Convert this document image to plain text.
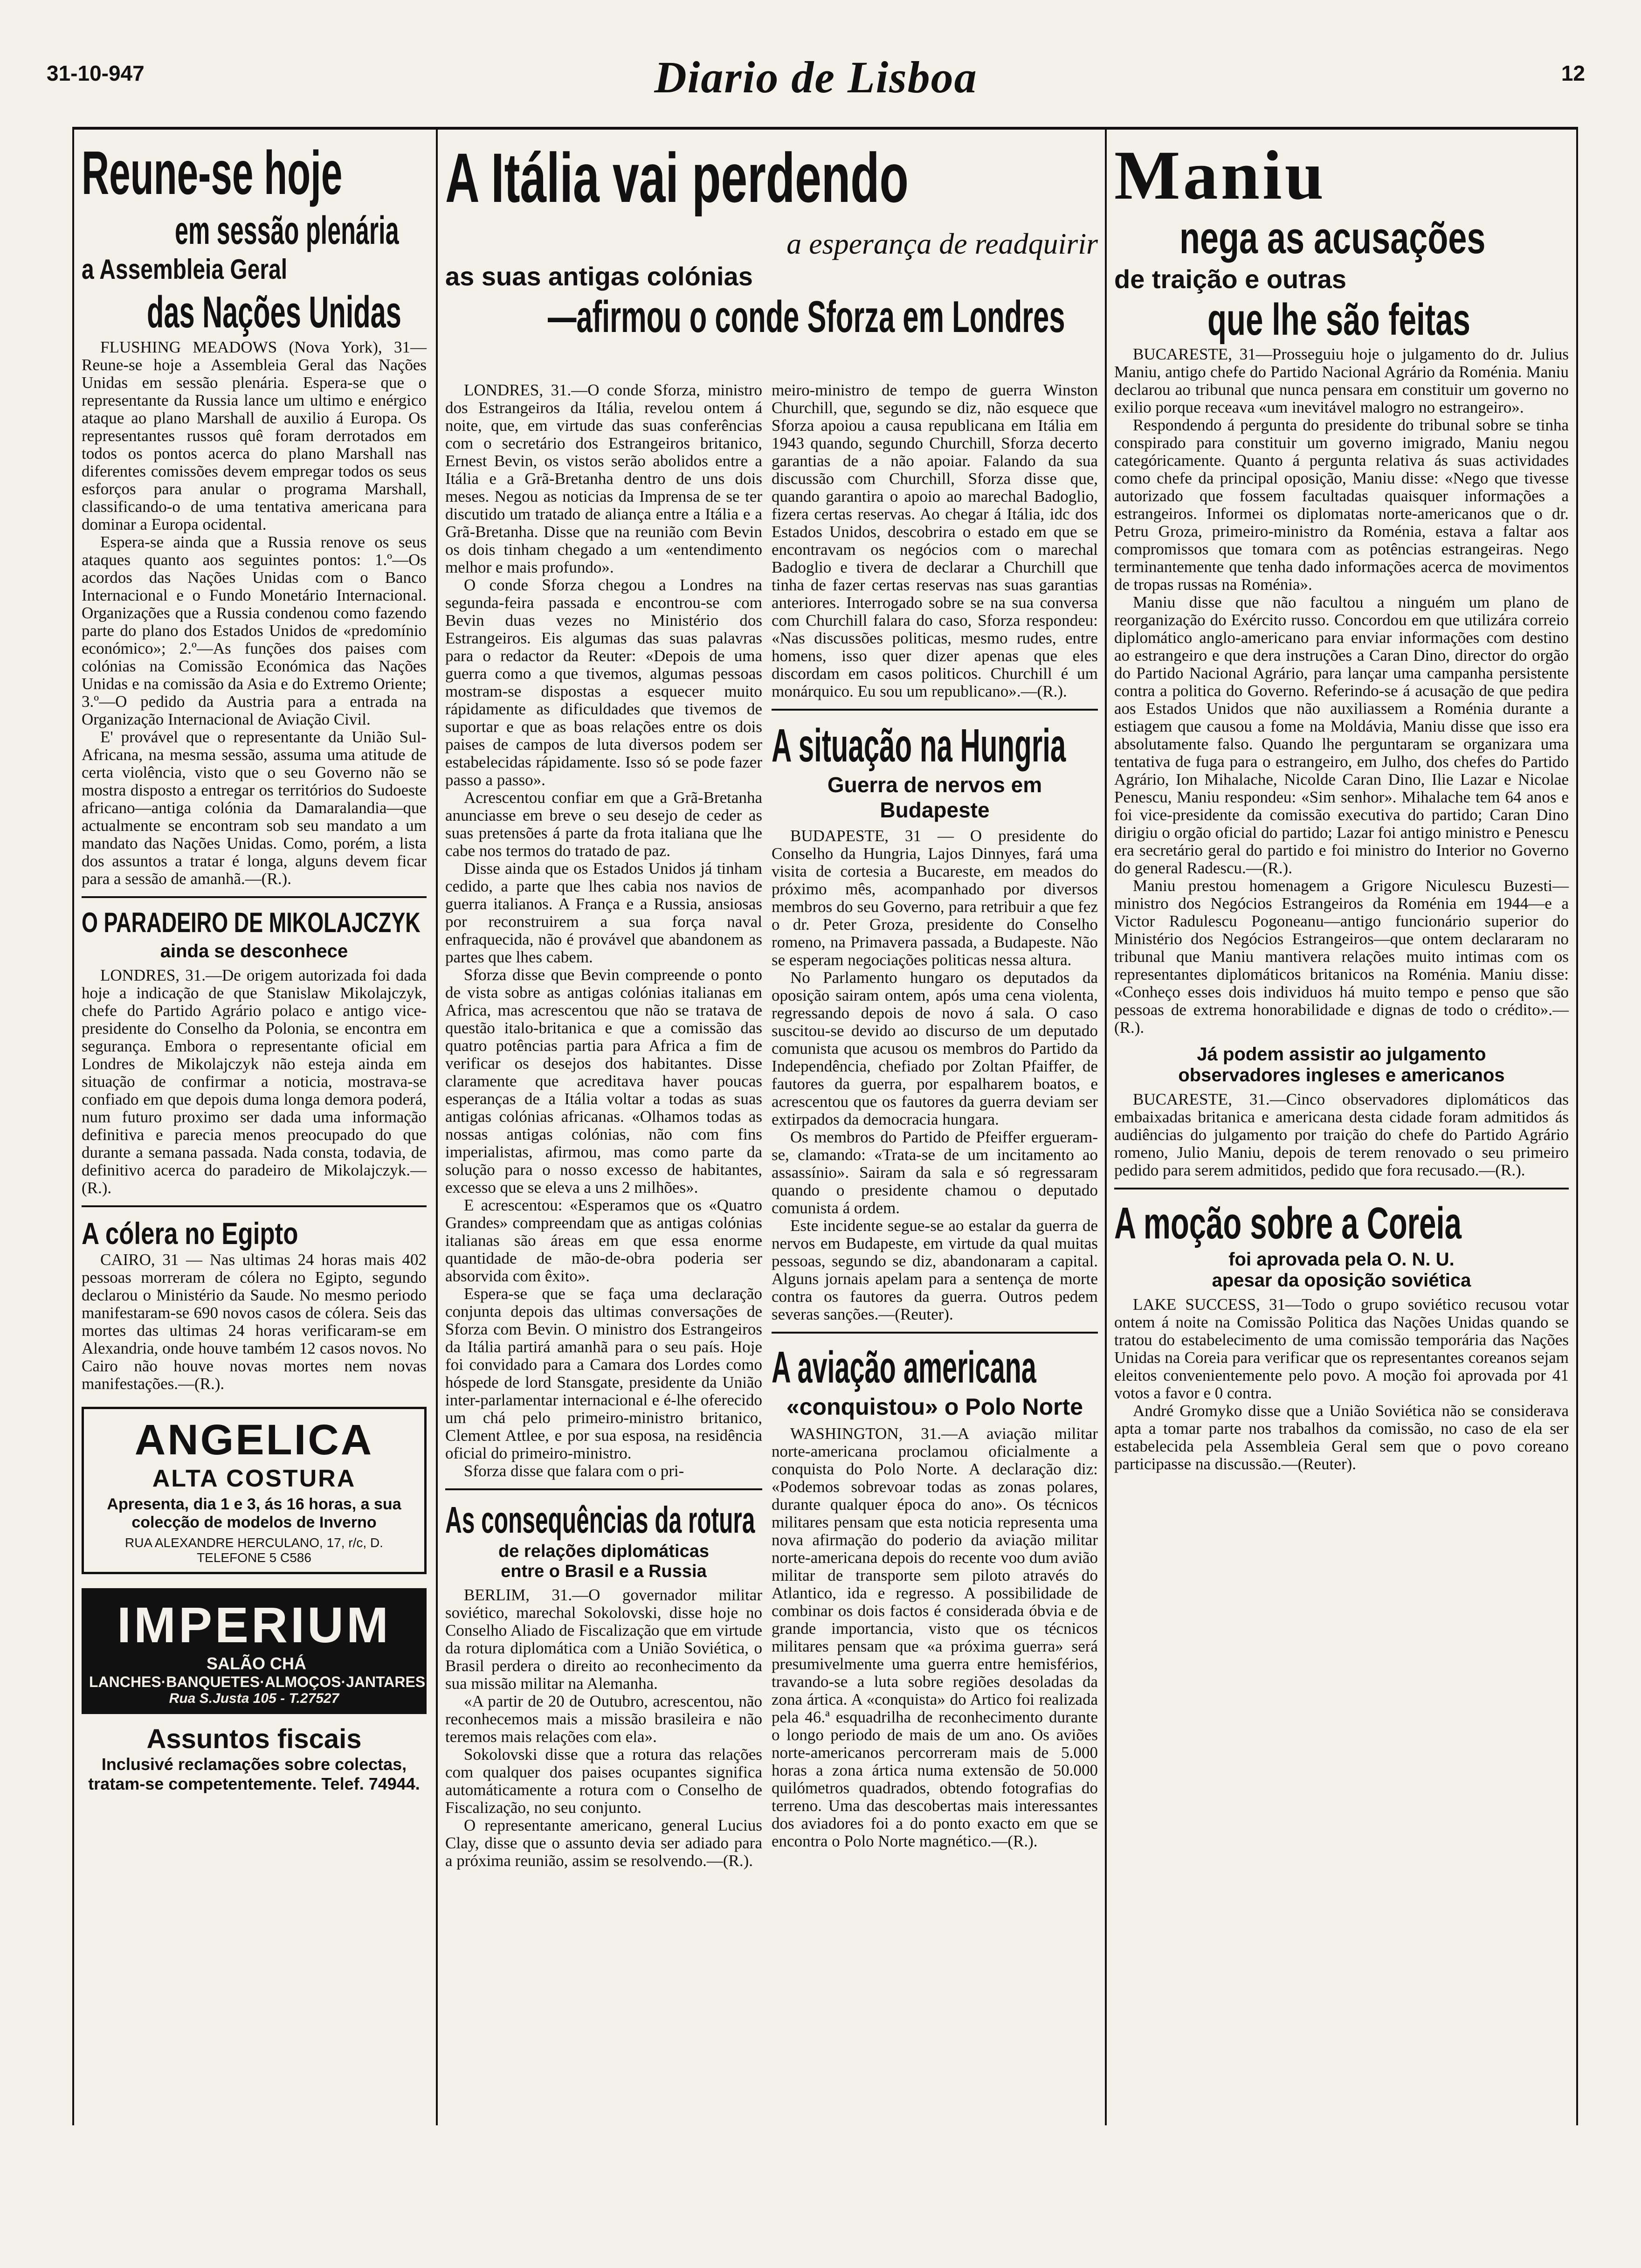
31-10-947	Diario de Lisboa	12
Reune-se hoje
em sessão plenária
a Assembleia Geral
das Nações Unidas

FLUSHING MEADOWS (Nova York), 31—Reune-se hoje a Assembleia Geral das Nações Unidas em sessão plenária. Espera-se que o representante da Russia lance um ultimo e enérgico ataque ao plano Marshall de auxilio á Europa. Os representantes russos quê foram derrotados em todos os pontos acerca do plano Marshall nas diferentes comissões devem empregar todos os seus esforços para anular o programa Marshall, classificando-o de uma tentativa americana para dominar a Europa ocidental.

Espera-se ainda que a Russia renove os seus ataques quanto aos seguintes pontos: 1.º—Os acordos das Nações Unidas com o Banco Internacional e o Fundo Monetário Internacional. Organizações que a Russia condenou como fazendo parte do plano dos Estados Unidos de «predomínio económico»; 2.º—As funções dos paises com colónias na Comissão Económica das Nações Unidas e na comissão da Asia e do Extremo Oriente; 3.º—O pedido da Austria para a entrada na Organização Internacional de Aviação Civil.

E' provável que o representante da União Sul-Africana, na mesma sessão, assuma uma atitude de certa violência, visto que o seu Governo não se mostra disposto a entregar os territórios do Sudoeste africano—antiga colónia da Damaralandia—que actualmente se encontram sob seu mandato a um mandato das Nações Unidas. Como, porém, a lista dos assuntos a tratar é longa, alguns devem ficar para a sessão de amanhã.—(R.).

O PARADEIRO DE MIKOLAJCZYK
ainda se desconhece

LONDRES, 31.—De origem autorizada foi dada hoje a indicação de que Stanislaw Mikolajczyk, chefe do Partido Agrário polaco e antigo vice-presidente do Conselho da Polonia, se encontra em segurança. Embora o representante oficial em Londres de Mikolajczyk não esteja ainda em situação de confirmar a noticia, mostrava-se confiado em que depois duma longa demora poderá, num futuro proximo ser dada uma informação definitiva e parecia menos preocupado do que durante a semana passada. Nada consta, todavia, de definitivo acerca do paradeiro de Mikolajczyk.—(R.).

A cólera no Egipto

CAIRO, 31 — Nas ultimas 24 horas mais 402 pessoas morreram de cólera no Egipto, segundo declarou o Ministério da Saude. No mesmo periodo manifestaram-se 690 novos casos de cólera. Seis das mortes das ultimas 24 horas verificaram-se em Alexandria, onde houve também 12 casos novos. No Cairo não houve novas mortes nem novas manifestações.—(R.).

ANGELICA
ALTA COSTURA
Apresenta, dia 1 e 3, ás 16 horas, a sua colecção de modelos de Inverno
RUA ALEXANDRE HERCULANO, 17, r/c, D.
TELEFONE 5 C586
IMPERIUM SALÃO CHÁ
LANCHES·BANQUETES·ALMOÇOS·JANTARES
Rua S.Justa 105 - T.27527
Assuntos fiscais
Inclusivé reclamações sobre colectas, tratam-se competentemente. Telef. 74944.
A Itália vai perdendo
a esperança de readquirir
as suas antigas colónias
—afirmou o conde Sforza em Londres

LONDRES, 31.—O conde Sforza, ministro dos Estrangeiros da Itália, revelou ontem á noite, que, em virtude das suas conferências com o secretário dos Estrangeiros britanico, Ernest Bevin, os vistos serão abolidos entre a Itália e a Grã-Bretanha dentro de uns dois meses. Negou as noticias da Imprensa de se ter discutido um tratado de aliança entre a Itália e a Grã-Bretanha. Disse que na reunião com Bevin os dois tinham chegado a um «entendimento melhor e mais profundo».

O conde Sforza chegou a Londres na segunda-feira passada e encontrou-se com Bevin duas vezes no Ministério dos Estrangeiros. Eis algumas das suas palavras para o redactor da Reuter: «Depois de uma guerra como a que tivemos, algumas pessoas mostram-se dispostas a esquecer muito rápidamente as dificuldades que tivemos de suportar e que as boas relações entre os dois paises de campos de luta diversos podem ser estabelecidas rápidamente. Isso só se pode fazer passo a passo».

Acrescentou confiar em que a Grã-Bretanha anunciasse em breve o seu desejo de ceder as suas pretensões á parte da frota italiana que lhe cabe nos termos do tratado de paz.

Disse ainda que os Estados Unidos já tinham cedido, a parte que lhes cabia nos navios de guerra italianos. A França e a Russia, ansiosas por reconstruirem a sua força naval enfraquecida, não é provável que abandonem as partes que lhes cabem.

Sforza disse que Bevin compreende o ponto de vista sobre as antigas colónias italianas em Africa, mas acrescentou que não se tratava de questão italo-britanica e que a comissão das quatro potências partia para Africa a fim de verificar os desejos dos habitantes. Disse claramente que acreditava haver poucas esperanças de a Itália voltar a todas as suas antigas colónias africanas. «Olhamos todas as nossas antigas colónias, não com fins imperialistas, afirmou, mas como parte da solução para o nosso excesso de habitantes, excesso que se eleva a uns 2 milhões».

E acrescentou: «Esperamos que os «Quatro Grandes» compreendam que as antigas colónias italianas são áreas em que essa enorme quantidade de mão-de-obra poderia ser absorvida com êxito».

Espera-se que se faça uma declaração conjunta depois das ultimas conversações de Sforza com Bevin. O ministro dos Estrangeiros da Itália partirá amanhã para o seu país. Hoje foi convidado para a Camara dos Lordes como hóspede de lord Stansgate, presidente da União inter-parlamentar internacional e é-lhe oferecido um chá pelo primeiro-ministro britanico, Clement Attlee, e por sua esposa, na residência oficial do primeiro-ministro.

Sforza disse que falara com o pri-

As consequências da rotura
de relações diplomáticas
entre o Brasil e a Russia

BERLIM, 31.—O governador militar soviético, marechal Sokolovski, disse hoje no Conselho Aliado de Fiscalização que em virtude da rotura diplomática com a União Soviética, o Brasil perdera o direito ao reconhecimento da sua missão militar na Alemanha.

«A partir de 20 de Outubro, acrescentou, não reconhecemos mais a missão brasileira e não teremos mais relações com ela».

Sokolovski disse que a rotura das relações com qualquer dos paises ocupantes significa automáticamente a rotura com o Conselho de Fiscalização, no seu conjunto.

O representante americano, general Lucius Clay, disse que o assunto devia ser adiado para a próxima reunião, assim se resolvendo.—(R.).

meiro-ministro de tempo de guerra Winston Churchill, que, segundo se diz, não esquece que Sforza apoiou a causa republicana em Itália em 1943 quando, segundo Churchill, Sforza decerto garantias de a não apoiar. Falando da sua discussão com Churchill, Sforza disse que, quando garantira o apoio ao marechal Badoglio, fizera certas reservas. Ao chegar á Itália, idc dos Estados Unidos, descobrira o estado em que se encontravam os negócios com o marechal Badoglio e tivera de declarar a Churchill que tinha de fazer certas reservas nas suas garantias anteriores. Interrogado sobre se na sua conversa com Churchill falara do caso, Sforza respondeu: «Nas discussões politicas, mesmo rudes, entre homens, isso quer dizer apenas que eles discordam em casos politicos. Churchill é um monárquico. Eu sou um republicano».—(R.).

A situação na Hungria
Guerra de nervos em Budapeste

BUDAPESTE, 31 — O presidente do Conselho da Hungria, Lajos Dinnyes, fará uma visita de cortesia a Bucareste, em meados do próximo mês, acompanhado por diversos membros do seu Governo, para retribuir a que fez o dr. Peter Groza, presidente do Conselho romeno, na Primavera passada, a Budapeste. Não se esperam negociações politicas nessa altura.

No Parlamento hungaro os deputados da oposição sairam ontem, após uma cena violenta, regressando depois de novo á sala. O caso suscitou-se devido ao discurso de um deputado comunista que acusou os membros do Partido da Independência, chefiado por Zoltan Pfaiffer, de fautores da guerra, por espalharem boatos, e acrescentou que os fautores da guerra deviam ser extirpados da democracia hungara.

Os membros do Partido de Pfeiffer ergueram-se, clamando: «Trata-se de um incitamento ao assassínio». Sairam da sala e só regressaram quando o presidente chamou o deputado comunista á ordem.

Este incidente segue-se ao estalar da guerra de nervos em Budapeste, em virtude da qual muitas pessoas, segundo se diz, abandonaram a capital. Alguns jornais apelam para a sentença de morte contra os fautores da guerra. Outros pedem severas sanções.—(Reuter).

A aviação americana
«conquistou» o Polo Norte

WASHINGTON, 31.—A aviação militar norte-americana proclamou oficialmente a conquista do Polo Norte. A declaração diz: «Podemos sobrevoar todas as zonas polares, durante qualquer época do ano». Os técnicos militares pensam que esta noticia representa uma nova afirmação do poderio da aviação militar norte-americana depois do recente voo dum avião militar de transporte sem piloto através do Atlantico, ida e regresso. A possibilidade de combinar os dois factos é considerada óbvia e de grande importancia, visto que os técnicos militares pensam que «a próxima guerra» será presumivelmente uma guerra entre hemisférios, travando-se a luta sobre regiões desoladas da zona ártica. A «conquista» do Artico foi realizada pela 46.ª esquadrilha de reconhecimento durante o longo periodo de mais de um ano. Os aviões norte-americanos percorreram mais de 5.000 horas a zona ártica numa extensão de 50.000 quilómetros quadrados, obtendo fotografias do terreno. Uma das descobertas mais interessantes dos aviadores foi a do ponto exacto em que se encontra o Polo Norte magnético.—(R.).

Maniu
nega as acusações
de traição e outras
que lhe são feitas

BUCARESTE, 31—Prosseguiu hoje o julgamento do dr. Julius Maniu, antigo chefe do Partido Nacional Agrário da Roménia. Maniu declarou ao tribunal que nunca pensara em constituir um governo no exilio porque receava «um inevitável malogro no estrangeiro».

Respondendo á pergunta do presidente do tribunal sobre se tinha conspirado para constituir um governo imigrado, Maniu negou categóricamente. Quanto á pergunta relativa ás suas actividades como chefe da principal oposição, Maniu disse: «Nego que tivesse autorizado que fossem facultadas quaisquer informações a estrangeiros. Informei os diplomatas norte-americanos que o dr. Petru Groza, primeiro-ministro da Roménia, estava a faltar aos compromissos que tomara com as potências estrangeiras. Nego terminantemente que tenha dado informações acerca de movimentos de tropas russas na Roménia».

Maniu disse que não facultou a ninguém um plano de reorganização do Exército russo. Concordou em que utilizára correio diplomático anglo-americano para enviar informações com destino ao estrangeiro e que dera instruções a Caran Dino, director do orgão do Partido Nacional Agrário, para lançar uma campanha persistente contra a politica do Governo. Referindo-se á acusação de que pedira aos Estados Unidos que não auxiliassem a Roménia durante a estiagem que causou a fome na Moldávia, Maniu disse que isso era absolutamente falso. Quando lhe perguntaram se organizara uma tentativa de fuga para o estrangeiro, em Julho, dos chefes do Partido Agrário, Ion Mihalache, Nicolde Caran Dino, Ilie Lazar e Nicolae Penescu, Maniu respondeu: «Sim senhor». Mihalache tem 64 anos e foi vice-presidente da comissão executiva do partido; Caran Dino dirigiu o orgão oficial do partido; Lazar foi antigo ministro e Penescu era secretário geral do partido e foi ministro do Interior no Governo do general Radescu.—(R.).

Maniu prestou homenagem a Grigore Niculescu Buzesti—ministro dos Negócios Estrangeiros da Roménia em 1944—e a Victor Radulescu Pogoneanu—antigo funcionário superior do Ministério dos Negócios Estrangeiros—que ontem declararam no tribunal que Maniu mantivera relações muito intimas com os representantes diplomáticos britanicos na Roménia. Maniu disse: «Conheço esses dois individuos há muito tempo e penso que são pessoas de extrema honorabilidade e dignas de todo o crédito».—(R.).

Já podem assistir ao julgamento
observadores ingleses e americanos

BUCARESTE, 31.—Cinco observadores diplomáticos das embaixadas britanica e americana desta cidade foram admitidos ás audiências do julgamento por traição do chefe do Partido Agrário romeno, Julio Maniu, depois de terem renovado o seu primeiro pedido para serem admitidos, pedido que fora recusado.—(R.).

A moção sobre a Coreia
foi aprovada pela O. N. U.
apesar da oposição soviética

LAKE SUCCESS, 31—Todo o grupo soviético recusou votar ontem á noite na Comissão Politica das Nações Unidas quando se tratou do estabelecimento de uma comissão temporária das Nações Unidas na Coreia para verificar que os representantes coreanos sejam eleitos convenientemente pelo povo. A moção foi aprovada por 41 votos a favor e 0 contra.

André Gromyko disse que a União Soviética não se considerava apta a tomar parte nos trabalhos da comissão, no caso de ela ser estabelecida pela Assembleia Geral sem que o povo coreano participasse na discussão.—(Reuter).
